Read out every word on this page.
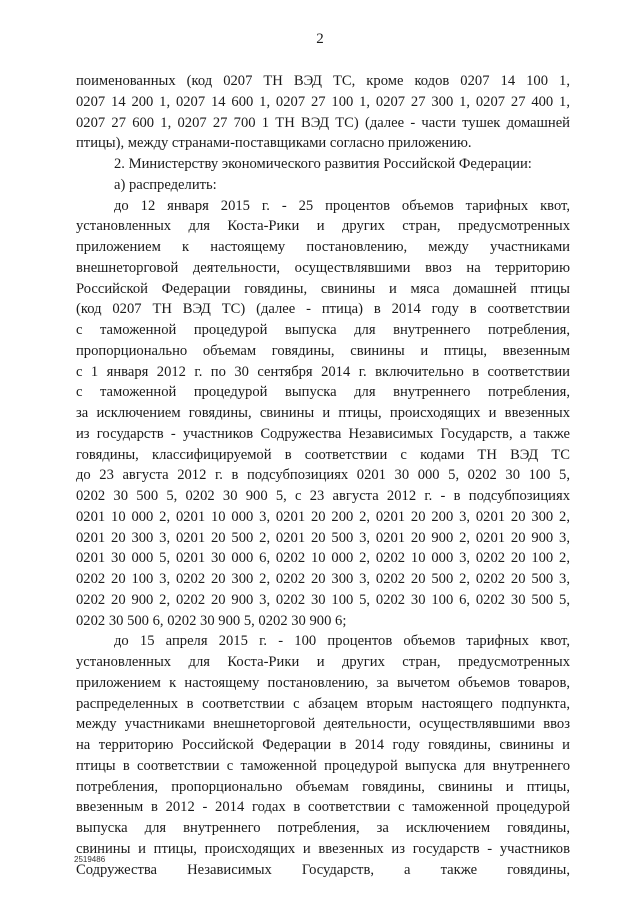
2
поименованных (код 0207 ТН ВЭД ТС, кроме кодов 0207 14 100 1,
0207 14 200 1, 0207 14 600 1, 0207 27 100 1, 0207 27 300 1, 0207 27 400 1,
0207 27 600 1, 0207 27 700 1 ТН ВЭД ТС) (далее - части тушек домашней
птицы), между странами-поставщиками согласно приложению.
2. Министерству экономического развития Российской Федерации:
а) распределить:
до 12 января 2015 г. - 25 процентов объемов тарифных квот,
установленных для Коста-Рики и других стран, предусмотренных
приложением к настоящему постановлению, между участниками
внешнеторговой деятельности, осуществлявшими ввоз на территорию
Российской Федерации говядины, свинины и мяса домашней птицы
(код 0207 ТН ВЭД ТС) (далее - птица) в 2014 году в соответствии
с таможенной процедурой выпуска для внутреннего потребления,
пропорционально объемам говядины, свинины и птицы, ввезенным
с 1 января 2012 г. по 30 сентября 2014 г. включительно в соответствии
с таможенной процедурой выпуска для внутреннего потребления,
за исключением говядины, свинины и птицы, происходящих и ввезенных
из государств - участников Содружества Независимых Государств, а также
говядины, классифицируемой в соответствии с кодами ТН ВЭД ТС
до 23 августа 2012 г. в подсубпозициях 0201 30 000 5, 0202 30 100 5,
0202 30 500 5, 0202 30 900 5, с 23 августа 2012 г. - в подсубпозициях
0201 10 000 2, 0201 10 000 3, 0201 20 200 2, 0201 20 200 3, 0201 20 300 2,
0201 20 300 3, 0201 20 500 2, 0201 20 500 3, 0201 20 900 2, 0201 20 900 3,
0201 30 000 5, 0201 30 000 6, 0202 10 000 2, 0202 10 000 3, 0202 20 100 2,
0202 20 100 3, 0202 20 300 2, 0202 20 300 3, 0202 20 500 2, 0202 20 500 3,
0202 20 900 2, 0202 20 900 3, 0202 30 100 5, 0202 30 100 6, 0202 30 500 5,
0202 30 500 6, 0202 30 900 5, 0202 30 900 6;
до 15 апреля 2015 г. - 100 процентов объемов тарифных квот,
установленных для Коста-Рики и других стран, предусмотренных
приложением к настоящему постановлению, за вычетом объемов товаров,
распределенных в соответствии с абзацем вторым настоящего подпункта,
между участниками внешнеторговой деятельности, осуществлявшими ввоз
на территорию Российской Федерации в 2014 году говядины, свинины и
птицы в соответствии с таможенной процедурой выпуска для внутреннего
потребления, пропорционально объемам говядины, свинины и птицы,
ввезенным в 2012 - 2014 годах в соответствии с таможенной процедурой
выпуска для внутреннего потребления, за исключением говядины,
свинины и птицы, происходящих и ввезенных из государств - участников
Содружества Независимых Государств, а также говядины,
2519486
